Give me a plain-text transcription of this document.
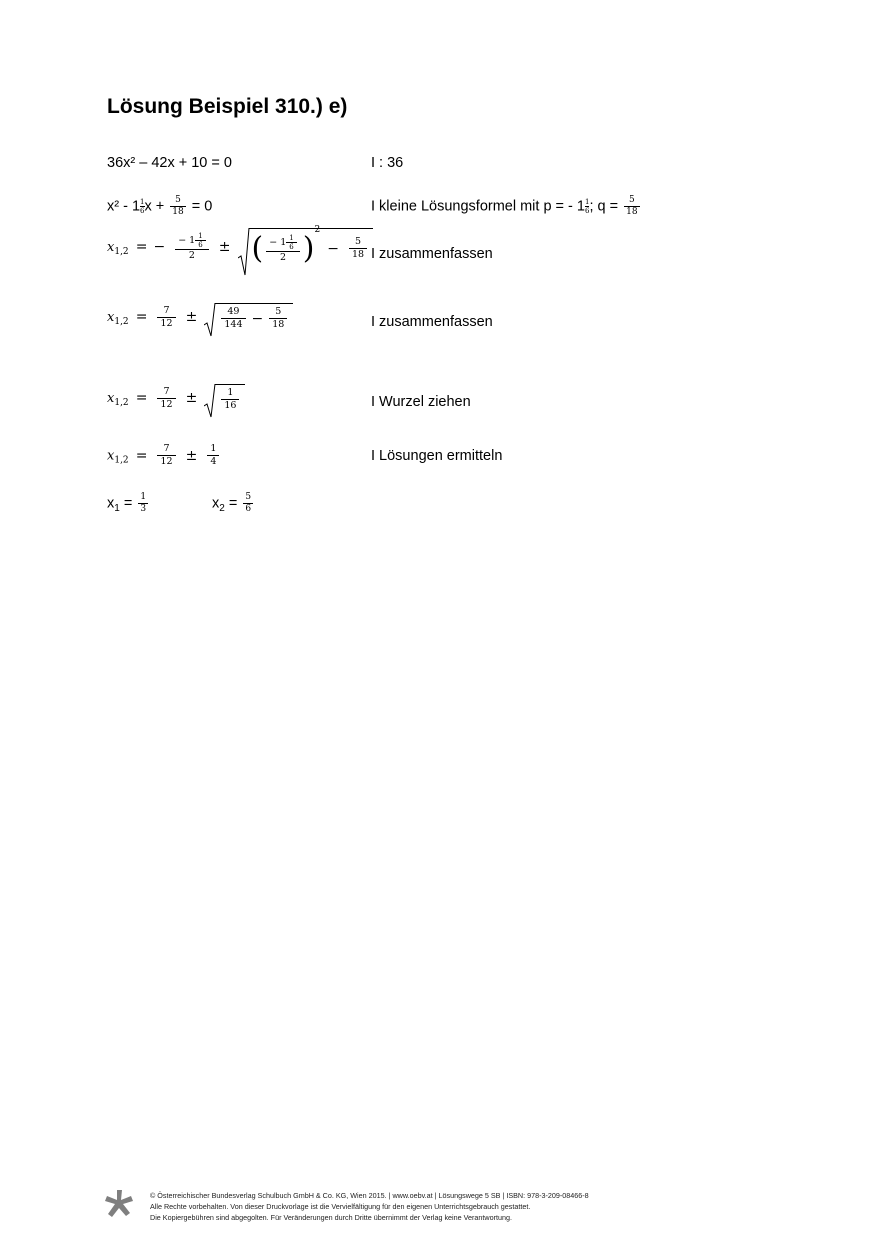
Lösung Beispiel 310.) e)
36x² – 42x + 10 = 0	I : 36
$x^2 - 1 \frac{1}{6}$ $x + \frac{5}{18} = 0$	I kleine Lösungsformel mit p = - $1 \frac{1}{6}$ ; $q = \frac{5}{18}$
$x_{1,2}$ = − $\frac{- 1 \frac{1}{6}}{2}$ ± ( $\frac{- 1 \frac{1}{6}}{2} )^2 - \frac{5}{18}$ I zusammenfassen
$x_{1,2} = \frac{7}{12}$ ±	$\frac{49}{144} - \frac{5}{18}$	I zusammenfassen
$x_{1,2} = \frac{7}{12}$ ±	$\frac{1}{16}$	I Wurzel ziehen
$x_{1,2} = \frac{7}{12} \pm \frac{1}{4}$	I Lösungen ermitteln
$x_1 = \frac{1}{3}$	$x_2 = \frac{5}{6}$
© Österreichischer Bundesverlag Schulbuch GmbH & Co. KG, Wien 2015. | www.oebv.at | Lösungswege 5 SB | ISBN: 978-3-209-08466-8
Alle Rechte vorbehalten. Von dieser Druckvorlage ist die Vervielfältigung für den eigenen Unterrichtsgebrauch gestattet.
Die Kopiergebühren sind abgegolten. Für Veränderungen durch Dritte übernimmt der Verlag keine Verantwortung.
